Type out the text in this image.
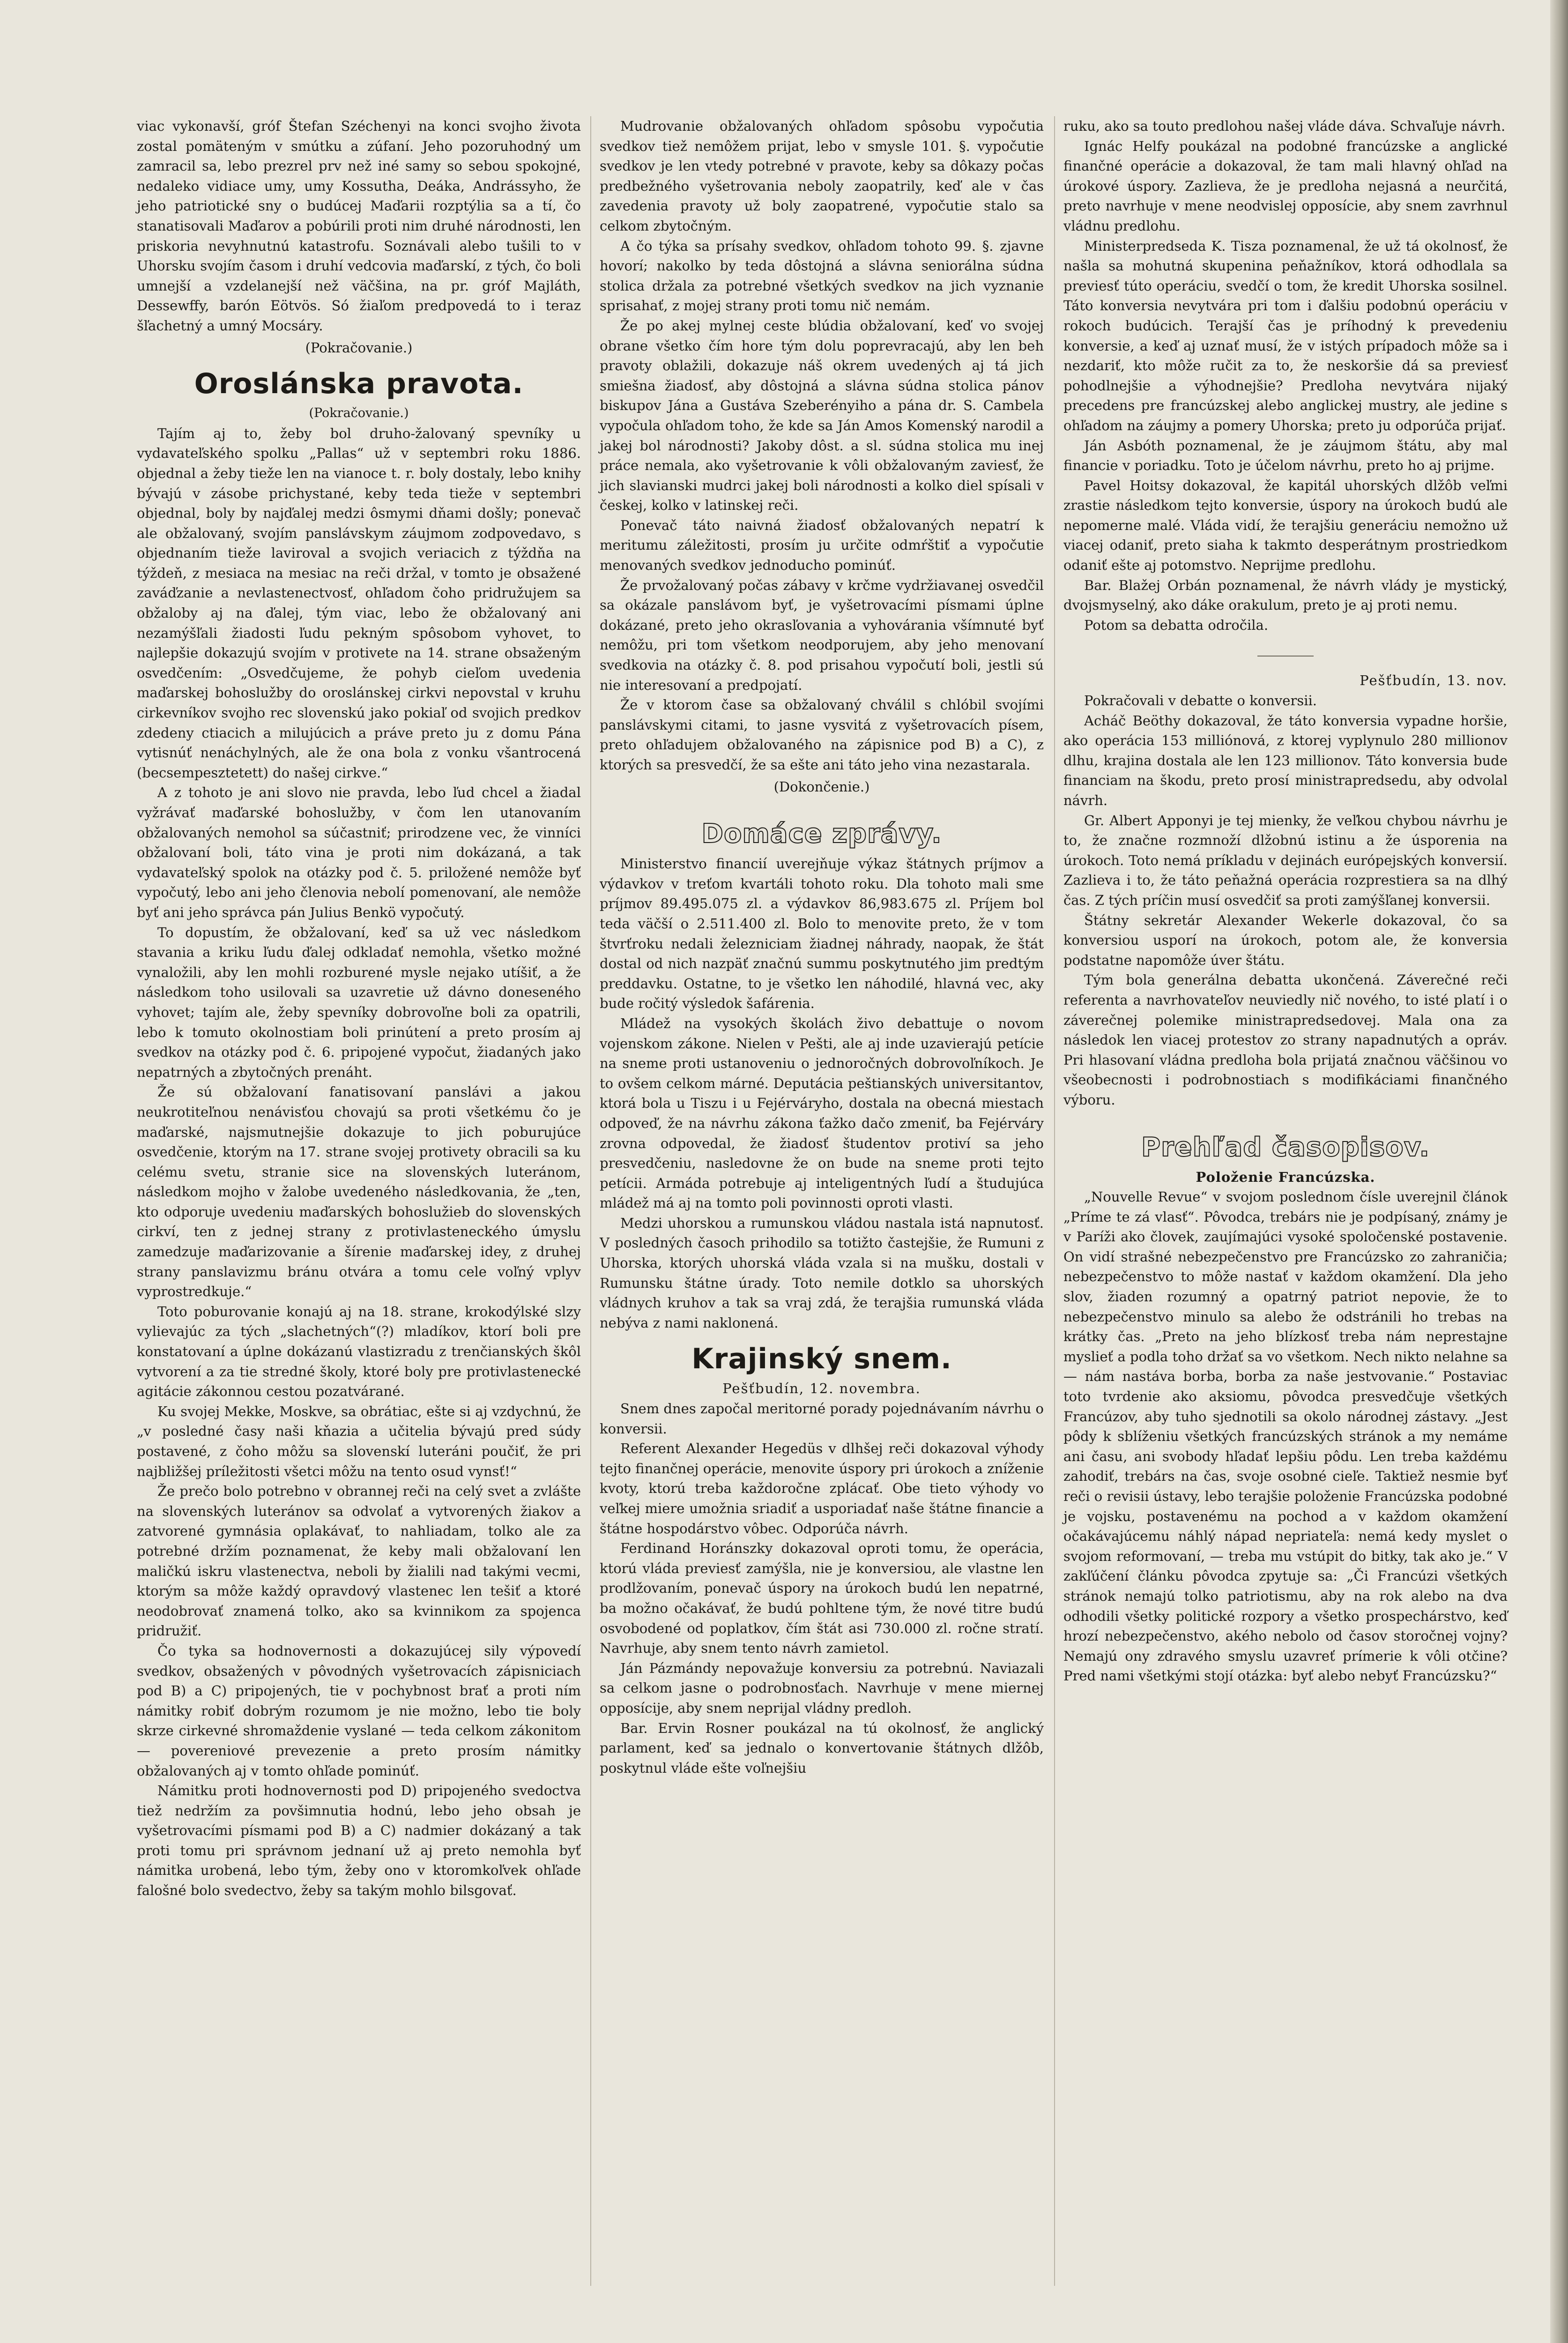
viac vykonavší, gróf Štefan Széchenyi na konci svojho života zostal pomäteným v smútku a zúfaní. Jeho pozoruhodný um zamracil sa, lebo prezrel prv než iné samy so sebou spokojné, nedaleko vidiace umy, umy Kossutha, Deáka, Andrássyho, že jeho patriotické sny o budúcej Maďarii rozptýlia sa a tí, čo stanatisovali Maďarov a pobúrili proti nim druhé národnosti, len priskoria nevyhnutnú katastrofu. Soznávali alebo tušili to v Uhorsku svojím časom i druhí vedcovia maďarskí, z tých, čo boli umnejší a vzdelanejší než väčšina, na pr. gróf Majláth, Dessewffy, barón Eötvös. Só žiaľom predpovedá to i teraz šľachetný a umný Mocsáry.

(Pokračovanie.)

Oroslánska pravota.

(Pokračovanie.)

Tajím aj to, žeby bol druho-žalovaný spevníky u vydavateľského spolku „Pallas“ už v septembri roku 1886. objednal a žeby tieže len na vianoce t. r. boly dostaly, lebo knihy bývajú v zásobe prichystané, keby teda tieže v septembri objednal, boly by najďalej medzi ôsmymi dňami došly; ponevač ale obžalovaný, svojím panslávskym záujmom zodpovedavo, s objednaním tieže laviroval a svojich veriacich z týždňa na týždeň, z mesiaca na mesiac na reči držal, v tomto je obsažené zaváďzanie a nevlastenectvosť, ohľadom čoho pridružujem sa obžaloby aj na ďalej, tým viac, lebo že obžalovaný ani nezamýšľali žiadosti ľudu pekným spôsobom vyhovet, to najlepšie dokazujú svojím v protivete na 14. strane obsaženým osvedčením: „Osvedčujeme, že pohyb cieľom uvedenia maďarskej bohoslužby do oroslánskej cirkvi nepovstal v kruhu cirkevníkov svojho rec slovenskú jako pokiaľ od svojich predkov zdedeny ctiacich a milujúcich a práve preto ju z domu Pána vytisnúť nenáchylných, ale že ona bola z vonku všantrocená (becsempesztetett) do našej cirkve.“

A z tohoto je ani slovo nie pravda, lebo ľud chcel a žiadal vyžrávať maďarské bohoslužby, v čom len utanovaním obžalovaných nemohol sa súčastniť; prirodzene vec, že vinníci obžalovaní boli, táto vina je proti nim dokázaná, a tak vydavateľský spolok na otázky pod č. 5. priložené nemôže byť vypočutý, lebo ani jeho členovia nebolí pomenovaní, ale nemôže byť ani jeho správca pán Julius Benkö vypočutý.

To dopustím, že obžalovaní, keď sa už vec následkom stavania a kriku ľudu ďalej odkladať nemohla, všetko možné vynaložili, aby len mohli rozburené mysle nejako utíšiť, a že následkom toho usilovali sa uzavretie už dávno doneseného vyhovet; tajím ale, žeby spevníky dobrovoľne boli za opatrili, lebo k tomuto okolnostiam boli prinútení a preto prosím aj svedkov na otázky pod č. 6. pripojené vypočut, žiadaných jako nepatrných a zbytočných prenáht.

Že sú obžalovaní fanatisovaní panslávi a jakou neukrotiteľnou nenávisťou chovajú sa proti všetkému čo je maďarské, najsmutnejšie dokazuje to jich poburujúce osvedčenie, ktorým na 17. strane svojej protivety obracili sa ku celému svetu, stranie sice na slovenských luteránom, následkom mojho v žalobe uvedeného následkovania, že „ten, kto odporuje uvedeniu maďarských bohoslužieb do slovenských cirkví, ten z jednej strany z protivlasteneckého úmyslu zamedzuje maďarizovanie a šírenie maďarskej idey, z druhej strany panslavizmu bránu otvára a tomu cele voľný vplyv vyprostredkuje.“

Toto poburovanie konajú aj na 18. strane, krokodýlské slzy vylievajúc za tých „slachetných“(?) mladíkov, ktorí boli pre konstatovaní a úplne dokázanú vlastizradu z trenčianských škôl vytvorení a za tie stredné školy, ktoré boly pre protivlastenecké agitácie zákonnou cestou pozatvárané.

Ku svojej Mekke, Moskve, sa obrátiac, ešte si aj vzdychnú, že „v posledné časy naši kňazia a učitelia bývajú pred súdy postavené, z čoho môžu sa slovenskí luteráni poučiť, že pri najbližšej príležitosti všetci môžu na tento osud vynsť!“

Že prečo bolo potrebno v obrannej reči na celý svet a zvlášte na slovenských luteránov sa odvolať a vytvorených žiakov a zatvorené gymnásia oplakávať, to nahliadam, tolko ale za potrebné držím poznamenat, že keby mali obžalovaní len maličkú iskru vlastenectva, neboli by žialili nad takými vecmi, ktorým sa môže každý opravdový vlastenec len tešiť a ktoré neodobrovať znamená tolko, ako sa kvinnikom za spojenca pridružiť.

Čo tyka sa hodnovernosti a dokazujúcej sily výpovedí svedkov, obsažených v pôvodných vyšetrovacích zápisniciach pod B) a C) pripojených, tie v pochybnost brať a proti ním námitky robiť dobrým rozumom je nie možno, lebo tie boly skrze cirkevné shromaždenie vyslané — teda celkom zákonitom — povereniové prevezenie a preto prosím námitky obžalovaných aj v tomto ohľade pominúť.

Námitku proti hodnovernosti pod D) pripojeného svedoctva tiež nedržím za povšimnutia hodnú, lebo jeho obsah je vyšetrovacími písmami pod B) a C) nadmier dokázaný a tak proti tomu pri správnom jednaní už aj preto nemohla byť námitka urobená, lebo tým, žeby ono v ktoromkoľvek ohľade falošné bolo svedectvo, žeby sa takým mohlo bilsgovať.

Mudrovanie obžalovaných ohľadom spôsobu vypočutia svedkov tiež nemôžem prijat, lebo v smysle 101. §. vypočutie svedkov je len vtedy potrebné v pravote, keby sa dôkazy počas predbežného vyšetrovania neboly zaopatrily, keď ale v čas zavedenia pravoty už boly zaopatrené, vypočutie stalo sa celkom zbytočným.

A čo týka sa prísahy svedkov, ohľadom tohoto 99. §. zjavne hovorí; nakolko by teda dôstojná a slávna seniorálna súdna stolica držala za potrebné všetkých svedkov na jich vyznanie sprisahať, z mojej strany proti tomu nič nemám.

Že po akej mylnej ceste blúdia obžalovaní, keď vo svojej obrane všetko čím hore tým dolu poprevracajú, aby len beh pravoty oblažili, dokazuje náš okrem uvedených aj tá jich smiešna žiadosť, aby dôstojná a slávna súdna stolica pánov biskupov Jána a Gustáva Szeberényiho a pána dr. S. Cambela vypočula ohľadom toho, že kde sa Ján Amos Komenský narodil a jakej bol národnosti? Jakoby dôst. a sl. súdna stolica mu inej práce nemala, ako vyšetrovanie k vôli obžalovaným zaviesť, že jich slavianski mudrci jakej boli národnosti a kolko diel spísali v českej, kolko v latinskej reči.

Ponevač táto naivná žiadosť obžalovaných nepatrí k meritumu záležitosti, prosím ju určite odmŕštiť a vypočutie menovaných svedkov jednoducho pominúť.

Že prvožalovaný počas zábavy v krčme vydržiavanej osvedčil sa okázale panslávom byť, je vyšetrovacími písmami úplne dokázané, preto jeho okrasľovania a vyhovárania všímnuté byť nemôžu, pri tom všetkom neodporujem, aby jeho menovaní svedkovia na otázky č. 8. pod prisahou vypočutí boli, jestli sú nie interesovaní a predpojatí.

Že v ktorom čase sa obžalovaný chválil s chlóbil svojími panslávskymi citami, to jasne vysvitá z vyšetrovacích písem, preto ohľadujem obžalovaného na zápisnice pod B) a C), z ktorých sa presvedčí, že sa ešte ani táto jeho vina nezastarala.

(Dokončenie.)

Domáce zprávy.

Ministerstvo financií uverejňuje výkaz štátnych príjmov a výdavkov v treťom kvartáli tohoto roku. Dla tohoto mali sme príjmov 89.495.075 zl. a výdavkov 86,983.675 zl. Príjem bol teda väčší o 2.511.400 zl. Bolo to menovite preto, že v tom štvrťroku nedali železniciam žiadnej náhrady, naopak, že štát dostal od nich nazpäť značnú summu poskytnutého jim predtým preddavku. Ostatne, to je všetko len náhodilé, hlavná vec, aky bude ročitý výsledok šafárenia.

Mládež na vysokých školách živo debattuje o novom vojenskom zákone. Nielen v Pešti, ale aj inde uzavierajú petície na sneme proti ustanoveniu o jednoročných dobrovoľníkoch. Je to ovšem celkom márné. Deputácia peštianských universitantov, ktorá bola u Tiszu i u Fejérváryho, dostala na obecná miestach odpoveď, že na návrhu zákona ťažko dačo zmeniť, ba Fejérváry zrovna odpovedal, že žiadosť študentov protiví sa jeho presvedčeniu, nasledovne že on bude na sneme proti tejto petícii. Armáda potrebuje aj inteligentných ľudí a študujúca mládež má aj na tomto poli povinnosti oproti vlasti.

Medzi uhorskou a rumunskou vládou nastala istá napnutosť. V posledných časoch prihodilo sa totižto častejšie, že Rumuni z Uhorska, ktorých uhorská vláda vzala si na mušku, dostali v Rumunsku štátne úrady. Toto nemile dotklo sa uhorských vládnych kruhov a tak sa vraj zdá, že terajšia rumunská vláda nebýva z nami naklonená.

Krajinský snem.

Pešťbudín, 12. novembra.

Snem dnes započal meritorné porady pojednávaním návrhu o konversii.

Referent Alexander Hegedüs v dlhšej reči dokazoval výhody tejto finančnej operácie, menovite úspory pri úrokoch a zníženie kvoty, ktorú treba každoročne zplácať. Obe tieto výhody vo veľkej miere umožnia sriadiť a usporiadať naše štátne financie a štátne hospodárstvo vôbec. Odporúča návrh.

Ferdinand Horánszky dokazoval oproti tomu, že operácia, ktorú vláda previesť zamýšla, nie je konversiou, ale vlastne len prodlžovaním, ponevač úspory na úrokoch budú len nepatrné, ba možno očakávať, že budú pohltene tým, že nové titre budú osvobodené od poplatkov, čím štát asi 730.000 zl. ročne stratí. Navrhuje, aby snem tento návrh zamietol.

Ján Pázmándy nepovažuje konversiu za potrebnú. Naviazali sa celkom jasne o podrobnosťach. Navrhuje v mene miernej opposícije, aby snem neprijal vládny predloh.

Bar. Ervin Rosner poukázal na tú okolnosť, že anglický parlament, keď sa jednalo o konvertovanie štátnych dlžôb, poskytnul vláde ešte voľnejšiu

ruku, ako sa touto predlohou našej vláde dáva. Schvaľuje návrh.

Ignác Helfy poukázal na podobné francúzske a anglické finančné operácie a dokazoval, že tam mali hlavný ohľad na úrokové úspory. Zazlieva, že je predloha nejasná a neurčitá, preto navrhuje v mene neodvislej opposície, aby snem zavrhnul vládnu predlohu.

Ministerpredseda K. Tisza poznamenal, že už tá okolnosť, že našla sa mohutná skupenina peňažníkov, ktorá odhodlala sa previesť túto operáciu, svedčí o tom, že kredit Uhorska sosilnel. Táto konversia nevytvára pri tom i ďalšiu podobnú operáciu v rokoch budúcich. Terajší čas je príhodný k prevedeniu konversie, a keď aj uznať musí, že v istých prípadoch môže sa i nezdariť, kto môže ručit za to, že neskoršie dá sa previesť pohodlnejšie a výhodnejšie? Predloha nevytvára nijaký precedens pre francúzskej alebo anglickej mustry, ale jedine s ohľadom na záujmy a pomery Uhorska; preto ju odporúča prijať.

Ján Asbóth poznamenal, že je záujmom štátu, aby mal financie v poriadku. Toto je účelom návrhu, preto ho aj prijme.

Pavel Hoitsy dokazoval, že kapitál uhorských dlžôb veľmi zrastie následkom tejto konversie, úspory na úrokoch budú ale nepomerne malé. Vláda vidí, že terajšiu generáciu nemožno už viacej odaniť, preto siaha k takmto desperátnym prostriedkom odaniť ešte aj potomstvo. Neprijme predlohu.

Bar. Blažej Orbán poznamenal, že návrh vlády je mystický, dvojsmyselný, ako dáke orakulum, preto je aj proti nemu.

Potom sa debatta odročila.

Pešťbudín, 13. nov.

Pokračovali v debatte o konversii.

Acháč Beöthy dokazoval, že táto konversia vypadne horšie, ako operácia 153 milliónová, z ktorej vyplynulo 280 millionov dlhu, krajina dostala ale len 123 millionov. Táto konversia bude financiam na škodu, preto prosí ministrapredsedu, aby odvolal návrh.

Gr. Albert Apponyi je tej mienky, že veľkou chybou návrhu je to, že značne rozmnoží dlžobnú istinu a že úsporenia na úrokoch. Toto nemá príkladu v dejinách európejských konversií. Zazlieva i to, že táto peňažná operácia rozprestiera sa na dlhý čas. Z tých príčin musí osvedčiť sa proti zamýšľanej konversii.

Štátny sekretár Alexander Wekerle dokazoval, čo sa konversiou usporí na úrokoch, potom ale, že konversia podstatne napomôže úver štátu.

Tým bola generálna debatta ukončená. Záverečné reči referenta a navrhovateľov neuviedly nič nového, to isté platí i o záverečnej polemike ministrapredsedovej. Mala ona za následok len viacej protestov zo strany napadnutých a opráv. Pri hlasovaní vládna predloha bola prijatá značnou väčšinou vo všeobecnosti i podrobnostiach s modifikáciami finančného výboru.

Prehľad časopisov.

Položenie Francúzska.

„Nouvelle Revue“ v svojom poslednom čísle uverejnil článok „Príme te zá vlasť“. Pôvodca, trebárs nie je podpísaný, známy je v Paríži ako človek, zaujímajúci vysoké spoločenské postavenie. On vidí strašné nebezpečenstvo pre Francúzsko zo zahraničia; nebezpečenstvo to môže nastať v každom okamžení. Dla jeho slov, žiaden rozumný a opatrný patriot nepovie, že to nebezpečenstvo minulo sa alebo že odstránili ho trebas na krátky čas. „Preto na jeho blízkosť treba nám neprestajne myslieť a podla toho držať sa vo všetkom. Nech nikto nelahne sa — nám nastáva borba, borba za naše jestvovanie.“ Postaviac toto tvrdenie ako aksiomu, pôvodca presvedčuje všetkých Francúzov, aby tuho sjednotili sa okolo národnej zástavy. „Jest pôdy k sblíženiu všetkých francúzských stránok a my nemáme ani času, ani svobody hľadať lepšiu pôdu. Len treba každému zahodiť, trebárs na čas, svoje osobné cieľe. Taktiež nesmie byť reči o revisii ústavy, lebo terajšie položenie Francúzska podobné je vojsku, postavenému na pochod a v každom okamžení očakávajúcemu náhlý nápad nepriateľa: nemá kedy myslet o svojom reformovaní, — treba mu vstúpit do bitky, tak ako je.“ V zakľúčení článku pôvodca zpytuje sa: „Či Francúzi všetkých stránok nemajú tolko patriotismu, aby na rok alebo na dva odhodili všetky politické rozpory a všetko prospechárstvo, keď hrozí nebezpečenstvo, akého nebolo od časov storočnej vojny? Nemajú ony zdravého smyslu uzavreť prímerie k vôli otčine? Pred nami všetkými stojí otázka: byť alebo nebyť Francúzsku?“
